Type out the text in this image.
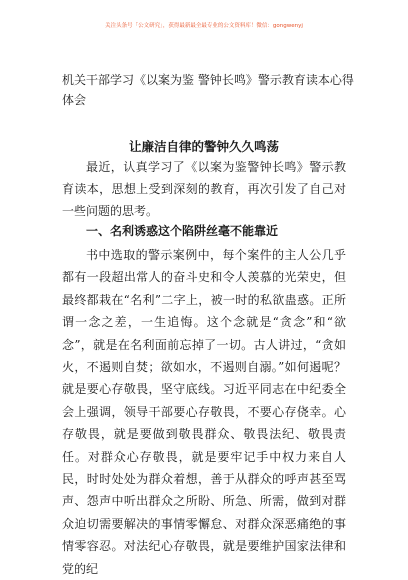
关注头条号「公文研究」，获得最新最全最专业的公文资料库！微信：gongwenyj
机关干部学习《以案为鉴 警钟长鸣》警示教育读本心得体会
让廉洁自律的警钟久久鸣荡

最近，认真学习了《以案为鉴警钟长鸣》警示教育读本，思想上受到深刻的教育，再次引发了自己对一些问题的思考。

一、名利诱惑这个陷阱丝毫不能靠近

书中选取的警示案例中，每个案件的主人公几乎都有一段超出常人的奋斗史和令人羡慕的光荣史，但最终都栽在“名利”二字上，被一时的私欲蛊惑。正所谓一念之差，一生追悔。这个念就是“贪念”和“欲念”，就是在名利面前忘掉了一切。古人讲过，“贪如火，不遏则自焚；欲如水，不遏则自溺。”如何遏呢？就是要心存敬畏，坚守底线。习近平同志在中纪委全会上强调，领导干部要心存敬畏，不要心存侥幸。心存敬畏，就是要做到敬畏群众、敬畏法纪、敬畏责任。对群众心存敬畏，就是要牢记手中权力来自人民，时时处处为群众着想，善于从群众的呼声甚至骂声、怨声中听出群众之所盼、所急、所需，做到对群众迫切需要解决的事情零懈怠、对群众深恶痛绝的事情零容忍。对法纪心存敬畏，就是要维护国家法律和党的纪
